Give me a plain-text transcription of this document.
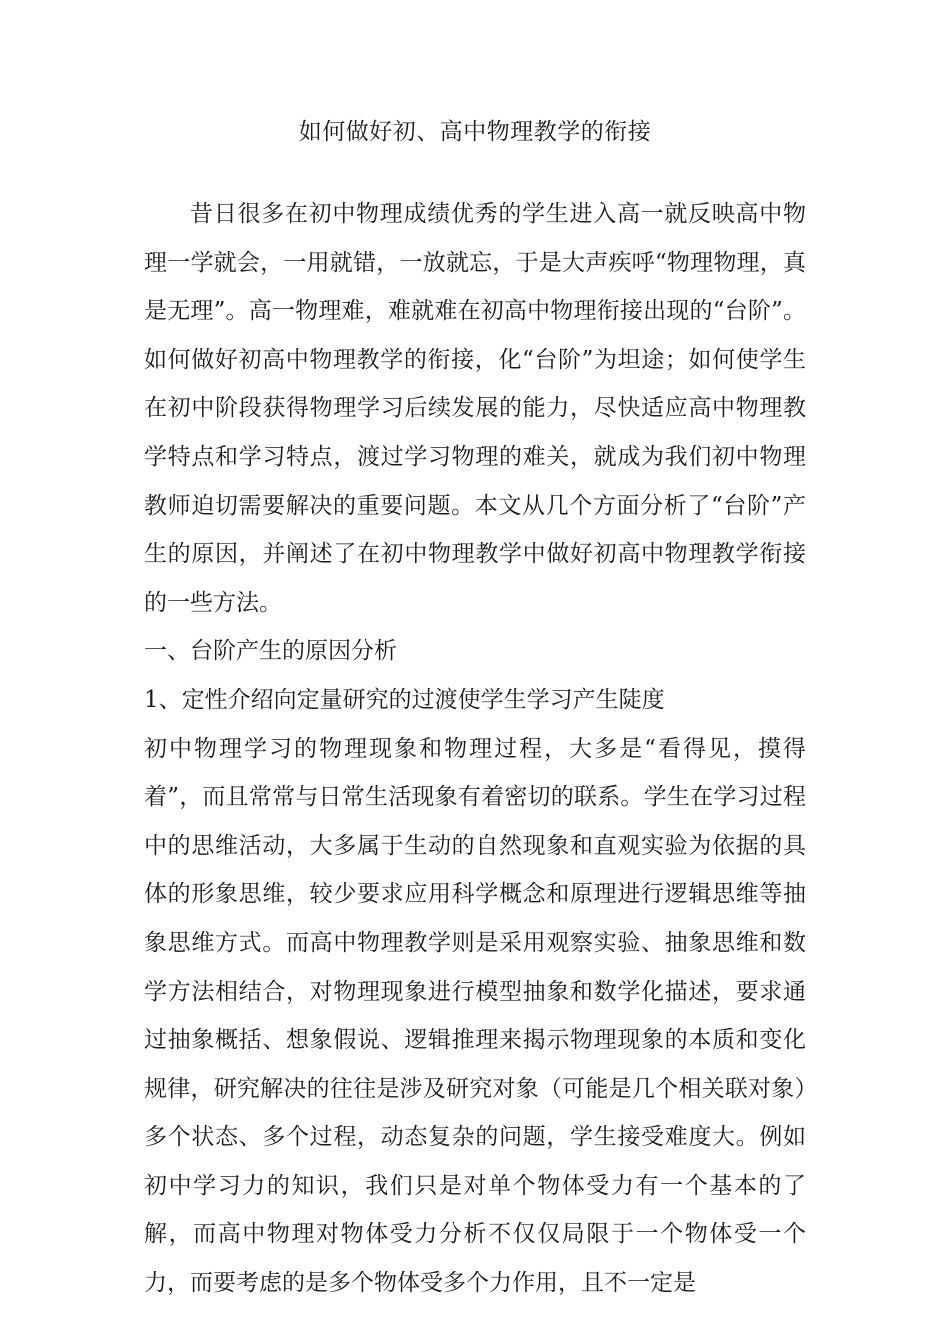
如何做好初、高中物理教学的衔接

昔日很多在初中物理成绩优秀的学生进入高一就反映高中物理一学就会，一用就错，一放就忘，于是大声疾呼“物理物理，真是无理”。高一物理难，难就难在初高中物理衔接出现的“台阶”。如何做好初高中物理教学的衔接，化“台阶”为坦途；如何使学生在初中阶段获得物理学习后续发展的能力，尽快适应高中物理教学特点和学习特点，渡过学习物理的难关，就成为我们初中物理教师迫切需要解决的重要问题。本文从几个方面分析了“台阶”产生的原因，并阐述了在初中物理教学中做好初高中物理教学衔接的一些方法。

一、台阶产生的原因分析

1、定性介绍向定量研究的过渡使学生学习产生陡度

初中物理学习的物理现象和物理过程，大多是“看得见，摸得着”，而且常常与日常生活现象有着密切的联系。学生在学习过程中的思维活动，大多属于生动的自然现象和直观实验为依据的具体的形象思维，较少要求应用科学概念和原理进行逻辑思维等抽象思维方式。而高中物理教学则是采用观察实验、抽象思维和数学方法相结合，对物理现象进行模型抽象和数学化描述，要求通过抽象概括、想象假说、逻辑推理来揭示物理现象的本质和变化规律，研究解决的往往是涉及研究对象（可能是几个相关联对象）多个状态、多个过程，动态复杂的问题，学生接受难度大。例如初中学习力的知识，我们只是对单个物体受力有一个基本的了解，而高中物理对物体受力分析不仅仅局限于一个物体受一个力，而要考虑的是多个物体受多个力作用，且不一定是
